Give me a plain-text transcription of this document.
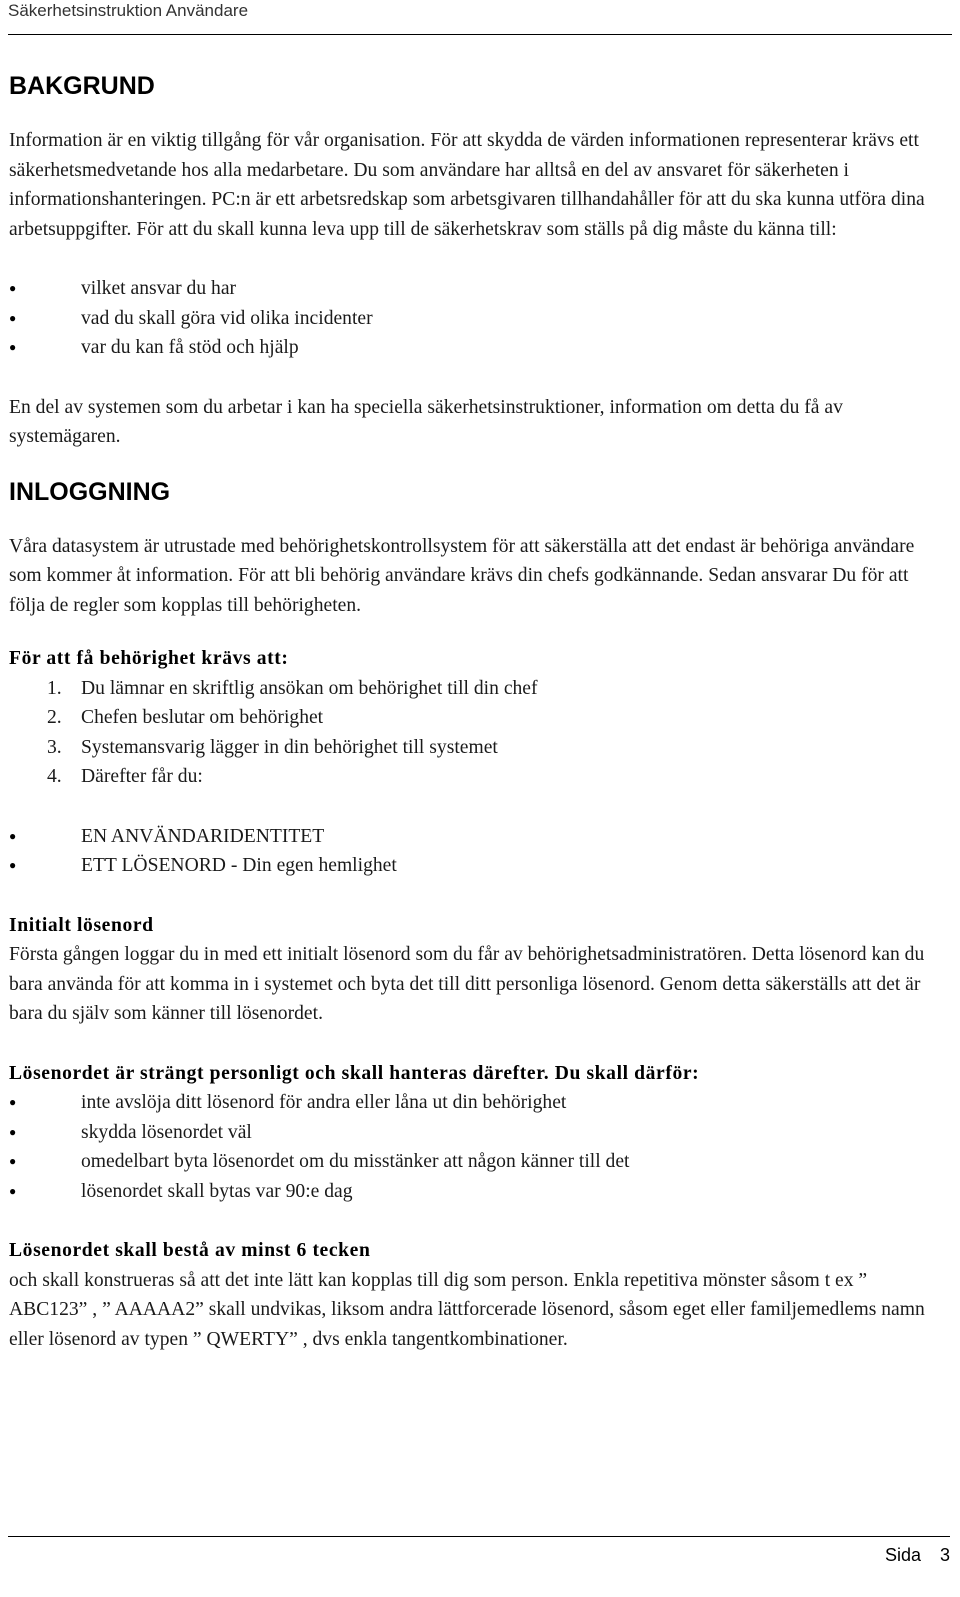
Säkerhetsinstruktion Användare
BAKGRUND

Information är en viktig tillgång för vår organisation. För att skydda de värden informationen representerar krävs ett säkerhetsmedvetande hos alla medarbetare. Du som användare har alltså en del av ansvaret för säkerheten i informationshanteringen. PC:n är ett arbetsredskap som arbetsgivaren tillhandahåller för att du ska kunna utföra dina arbetsuppgifter. För att du skall kunna leva upp till de säkerhetskrav som ställs på dig måste du känna till:

● vilket ansvar du har
● vad du skall göra vid olika incidenter
● var du kan få stöd och hjälp

En del av systemen som du arbetar i kan ha speciella säkerhetsinstruktioner, information om detta du få av systemägaren.

INLOGGNING

Våra datasystem är utrustade med behörighetskontrollsystem för att säkerställa att det endast är behöriga användare som kommer åt information. För att bli behörig användare krävs din chefs godkännande. Sedan ansvarar Du för att följa de regler som kopplas till behörigheten.

För att få behörighet krävs att:

1. Du lämnar en skriftlig ansökan om behörighet till din chef
2. Chefen beslutar om behörighet
3. Systemansvarig lägger in din behörighet till systemet
4. Därefter får du:
● EN ANVÄNDARIDENTITET
● ETT LÖSENORD - Din egen hemlighet

Initialt lösenord

Första gången loggar du in med ett initialt lösenord som du får av behörighetsadministratören. Detta lösenord kan du bara använda för att komma in i systemet och byta det till ditt personliga lösenord. Genom detta säkerställs att det är bara du själv som känner till lösenordet.

Lösenordet är strängt personligt och skall hanteras därefter. Du skall därför:

● inte avslöja ditt lösenord för andra eller låna ut din behörighet
● skydda lösenordet väl
● omedelbart byta lösenordet om du misstänker att någon känner till det
● lösenordet skall bytas var 90:e dag

Lösenordet skall bestå av minst 6 tecken

och skall konstrueras så att det inte lätt kan kopplas till dig som person. Enkla repetitiva mönster såsom t ex ” ABC123” , ” AAAAA2” skall undvikas, liksom andra lättforcerade lösenord, såsom eget eller familjemedlems namn eller lösenord av typen ” QWERTY” , dvs enkla tangentkombinationer.

Sida 3
